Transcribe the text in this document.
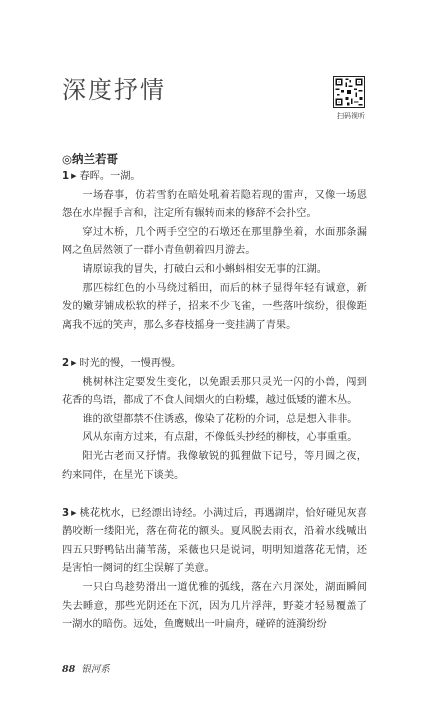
深度抒情

扫码视听

◎纳兰若哥

1 ▶ 春晖。一湖。

一场春事，仿若雪豹在暗处吼着若隐若现的雷声，又像一场恩怨在水岸握手言和，注定所有辗转而来的修辞不会扑空。

穿过木桥，几个两手空空的石墩还在那里静坐着，水面那条漏网之鱼居然领了一群小青鱼朝着四月游去。

请原谅我的冒失，打破白云和小蝌蚪相安无事的江湖。

那匹棕红色的小马绕过稻田，而后的林子显得年轻有诚意，新发的嫩芽铺成松软的样子，招来不少飞雀，一些落叶缤纷，很像距离我不远的笑声，那么多春枝摇身一变挂满了青果。

2 ▶ 时光的慢，一慢再慢。

桃树林注定要发生变化，以免跟丢那只灵光一闪的小兽，闯到花香的鸟语，都成了不食人间烟火的白粉蝶，越过低矮的灌木丛。

谁的欲望都禁不住诱惑，像染了花粉的介词，总是想入非非。

风从东南方过来，有点甜，不像低头抄经的柳枝，心事重重。

阳光古老而又抒情。我像敏锐的狐狸做下记号，等月圆之夜，约来同伴，在星光下谈美。

3 ▶ 桃花枕水，已经漂出诗经。小满过后，再遇湖岸，恰好碰见灰喜鹊咬断一缕阳光，落在荷花的额头。夏风脱去雨衣，沿着水线喊出四五只野鸭钻出蒲苇荡，采薇也只是说词，明明知道落花无情，还是害怕一阕词的红尘误解了美意。

一只白鸟趁势滑出一道优雅的弧线，落在六月深处，湖面瞬间失去睡意，那些光阴还在下沉，因为几片浮萍，野菱才轻易覆盖了一湖水的暗伤。远处，鱼鹰贼出一叶扁舟，碰碎的涟漪纷纷

88 银河系
